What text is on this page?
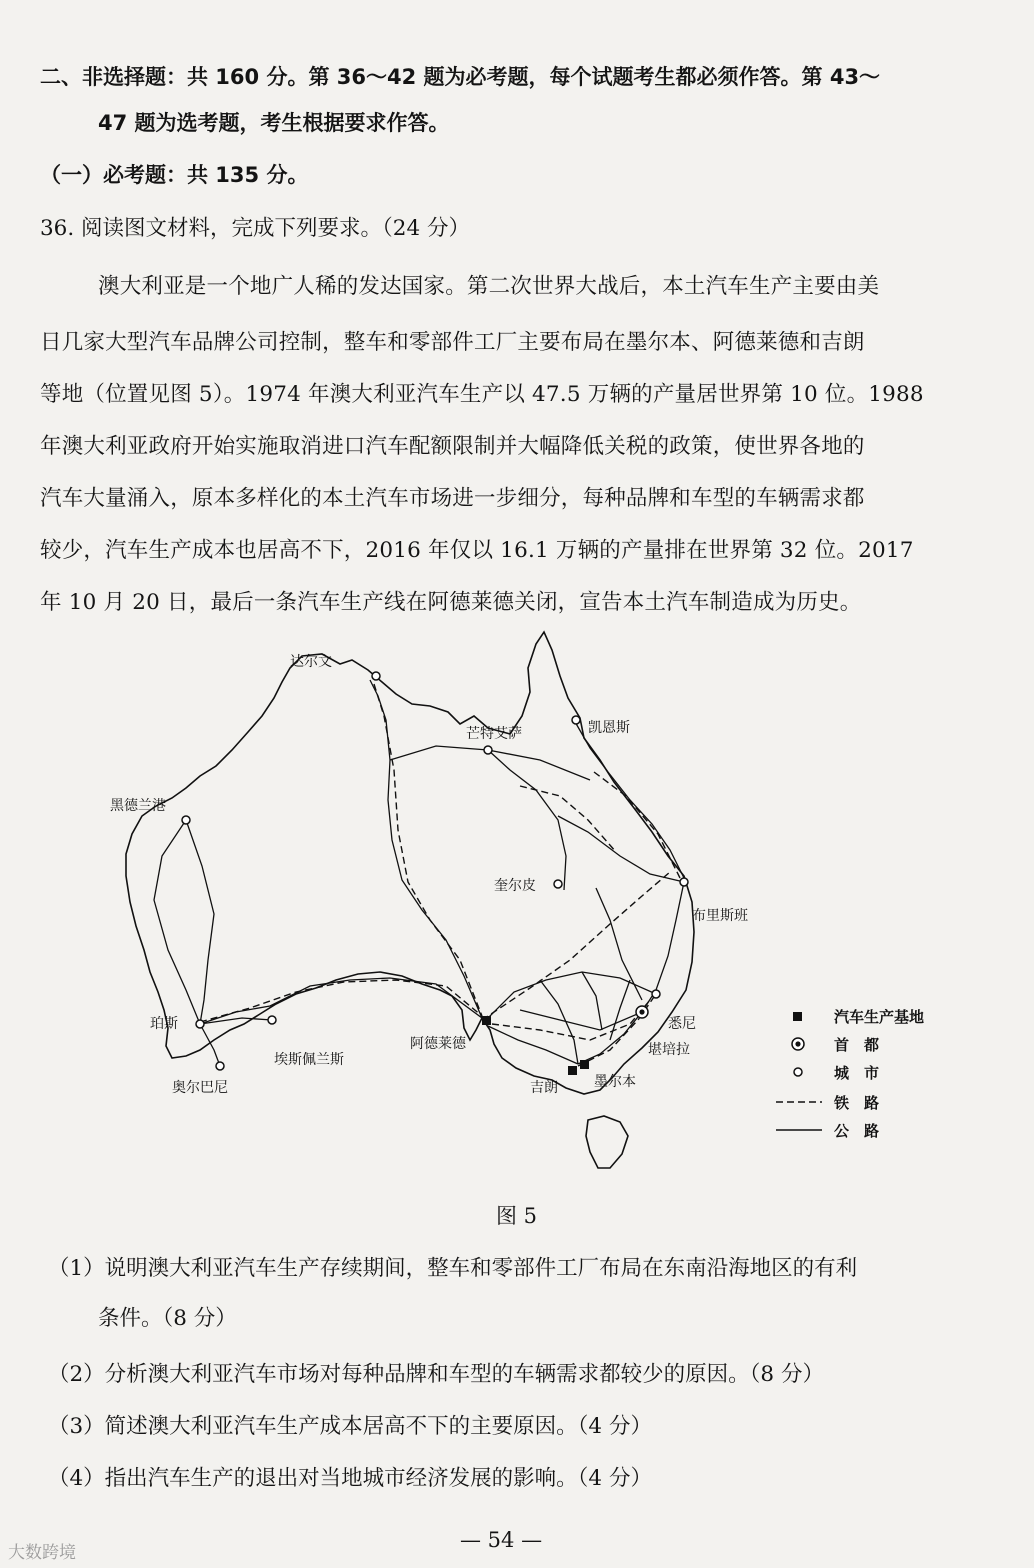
二、非选择题：共 160 分。第 36～42 题为必考题，每个试题考生都必须作答。第 43～
47 题为选考题，考生根据要求作答。
（一）必考题：共 135 分。
36. 阅读图文材料，完成下列要求。（24 分）
澳大利亚是一个地广人稀的发达国家。第二次世界大战后，本土汽车生产主要由美
日几家大型汽车品牌公司控制，整车和零部件工厂主要布局在墨尔本、阿德莱德和吉朗
等地（位置见图 5）。1974 年澳大利亚汽车生产以 47.5 万辆的产量居世界第 10 位。1988
年澳大利亚政府开始实施取消进口汽车配额限制并大幅降低关税的政策，使世界各地的
汽车大量涌入，原本多样化的本土汽车市场进一步细分，每种品牌和车型的车辆需求都
较少，汽车生产成本也居高不下，2016 年仅以 16.1 万辆的产量排在世界第 32 位。2017
年 10 月 20 日，最后一条汽车生产线在阿德莱德关闭，宣告本土汽车制造成为历史。
达尔文
凯恩斯
芒特艾萨
黑德兰港
奎尔皮
布里斯班
珀斯
埃斯佩兰斯
阿德莱德
悉尼
堪培拉
奥尔巴尼	吉朗	墨尔本
汽车生产基地
首　都
城　市
铁　路
公　路
图 5
（1）说明澳大利亚汽车生产存续期间，整车和零部件工厂布局在东南沿海地区的有利
条件。（8 分）
（2）分析澳大利亚汽车市场对每种品牌和车型的车辆需求都较少的原因。（8 分）
（3）简述澳大利亚汽车生产成本居高不下的主要原因。（4 分）
（4）指出汽车生产的退出对当地城市经济发展的影响。（4 分）
— 54 —
大数跨境
